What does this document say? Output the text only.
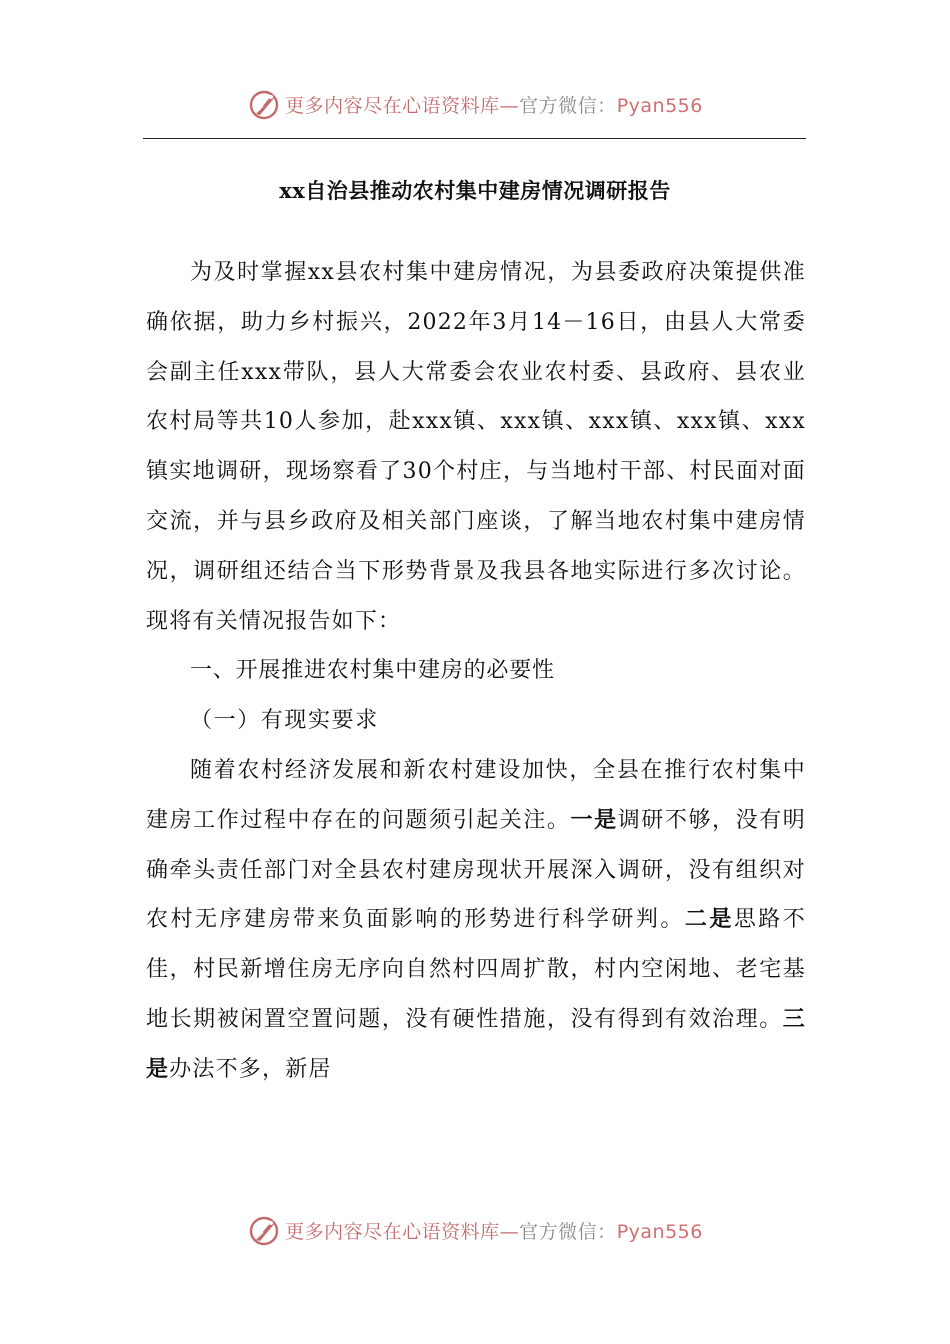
更多内容尽在心语资料库—官方微信：Pyan556
xx自治县推动农村集中建房情况调研报告

为及时掌握xx县农村集中建房情况，为县委政府决策提供准确依据，助力乡村振兴，2022年3月14－16日，由县人大常委会副主任xxx带队，县人大常委会农业农村委、县政府、县农业农村局等共10人参加，赴xxx镇、xxx镇、xxx镇、xxx镇、xxx镇实地调研，现场察看了30个村庄，与当地村干部、村民面对面交流，并与县乡政府及相关部门座谈，了解当地农村集中建房情况，调研组还结合当下形势背景及我县各地实际进行多次讨论。现将有关情况报告如下：

一、开展推进农村集中建房的必要性

（一）有现实要求

随着农村经济发展和新农村建设加快，全县在推行农村集中建房工作过程中存在的问题须引起关注。一是调研不够，没有明确牵头责任部门对全县农村建房现状开展深入调研，没有组织对农村无序建房带来负面影响的形势进行科学研判。二是思路不佳，村民新增住房无序向自然村四周扩散，村内空闲地、老宅基地长期被闲置空置问题，没有硬性措施，没有得到有效治理。三是办法不多，新居

更多内容尽在心语资料库—官方微信：Pyan556
